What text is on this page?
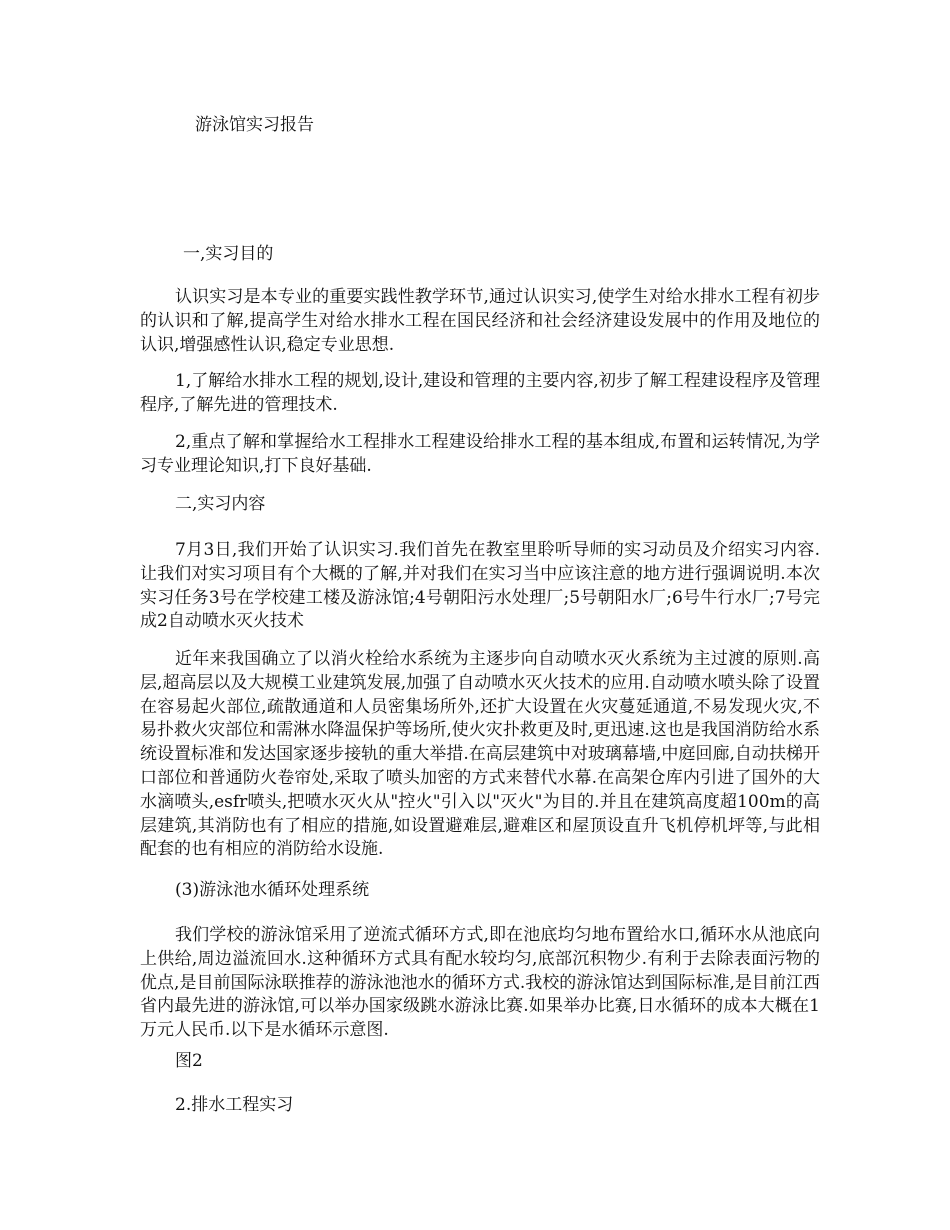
游泳馆实习报告
一,实习目的

认识实习是本专业的重要实践性教学环节,通过认识实习,使学生对给水排水工程有初步的认识和了解,提高学生对给水排水工程在国民经济和社会经济建设发展中的作用及地位的认识,增强感性认识,稳定专业思想.

1,了解给水排水工程的规划,设计,建设和管理的主要内容,初步了解工程建设程序及管理程序,了解先进的管理技术.

2,重点了解和掌握给水工程排水工程建设给排水工程的基本组成,布置和运转情况,为学习专业理论知识,打下良好基础.

二,实习内容

7月3日,我们开始了认识实习.我们首先在教室里聆听导师的实习动员及介绍实习内容.让我们对实习项目有个大概的了解,并对我们在实习当中应该注意的地方进行强调说明.本次实习任务3号在学校建工楼及游泳馆;4号朝阳污水处理厂;5号朝阳水厂;6号牛行水厂;7号完成2自动喷水灭火技术

近年来我国确立了以消火栓给水系统为主逐步向自动喷水灭火系统为主过渡的原则.高层,超高层以及大规模工业建筑发展,加强了自动喷水灭火技术的应用.自动喷水喷头除了设置在容易起火部位,疏散通道和人员密集场所外,还扩大设置在火灾蔓延通道,不易发现火灾,不易扑救火灾部位和需淋水降温保护等场所,使火灾扑救更及时,更迅速.这也是我国消防给水系统设置标准和发达国家逐步接轨的重大举措.在高层建筑中对玻璃幕墙,中庭回廊,自动扶梯开口部位和普通防火卷帘处,采取了喷头加密的方式来替代水幕.在高架仓库内引进了国外的大水滴喷头,esfr喷头,把喷水灭火从"控火"引入以"灭火"为目的.并且在建筑高度超100m的高层建筑,其消防也有了相应的措施,如设置避难层,避难区和屋顶设直升飞机停机坪等,与此相配套的也有相应的消防给水设施.

(3)游泳池水循环处理系统

我们学校的游泳馆采用了逆流式循环方式,即在池底均匀地布置给水口,循环水从池底向上供给,周边溢流回水.这种循环方式具有配水较均匀,底部沉积物少.有利于去除表面污物的优点,是目前国际泳联推荐的游泳池池水的循环方式.我校的游泳馆达到国际标准,是目前江西省内最先进的游泳馆,可以举办国家级跳水游泳比赛.如果举办比赛,日水循环的成本大概在1万元人民币.以下是水循环示意图.

图2
2.排水工程实习
